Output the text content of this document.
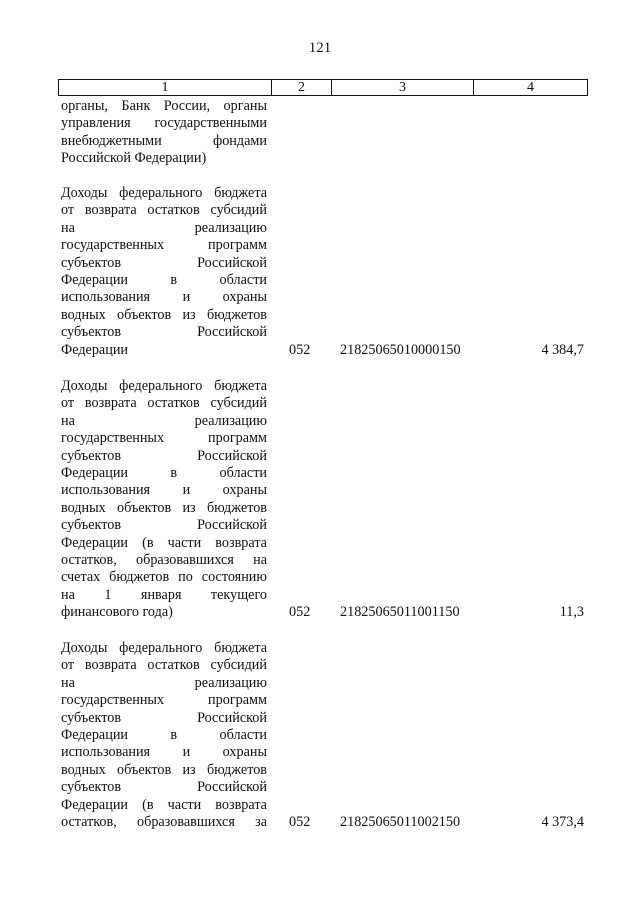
121
1	2	3	4
органы, Банк России, органы
управления государственными
внебюджетными фондами
Российской Федерации)
Доходы федерального бюджета
от возврата остатков субсидий
на реализацию
государственных программ
субъектов Российской
Федерации в области
использования и охраны
водных объектов из бюджетов
субъектов Российской
Федерации	052 21825065010000150	4 384,7
Доходы федерального бюджета
от возврата остатков субсидий
на реализацию
государственных программ
субъектов Российской
Федерации в области
использования и охраны
водных объектов из бюджетов
субъектов Российской
Федерации (в части возврата
остатков, образовавшихся на
счетах бюджетов по состоянию
на 1 января текущего
финансового года)	052 21825065011001150	11,3
Доходы федерального бюджета
от возврата остатков субсидий
на реализацию
государственных программ
субъектов Российской
Федерации в области
использования и охраны
водных объектов из бюджетов
субъектов Российской
Федерации (в части возврата
остатков, образовавшихся за 052 21825065011002150	4 373,4
